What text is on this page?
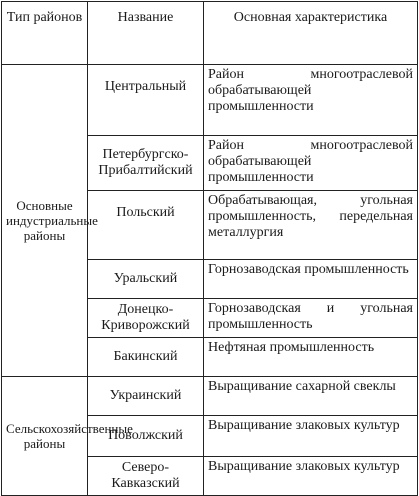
Тип районов	Название	Основная характеристика
Основные индустриальные районы	Центральный	Район многоотраслевой обрабатывающей промышленности
	Петербургско-Прибалтийский	Район многоотраслевой обрабатывающей промышленности
	Польский	Обрабатывающая, угольная промышленность, передельная металлургия
	Уральский	Горнозаводская промышленность
	Донецко-Криворожский	Горнозаводская и угольная промышленность
	Бакинский	Нефтяная промышленность
Сельскохозяйственные районы	Украинский	Выращивание сахарной свеклы
	Поволжский	Выращивание злаковых культур
	Северо-Кавказский	Выращивание злаковых культур
